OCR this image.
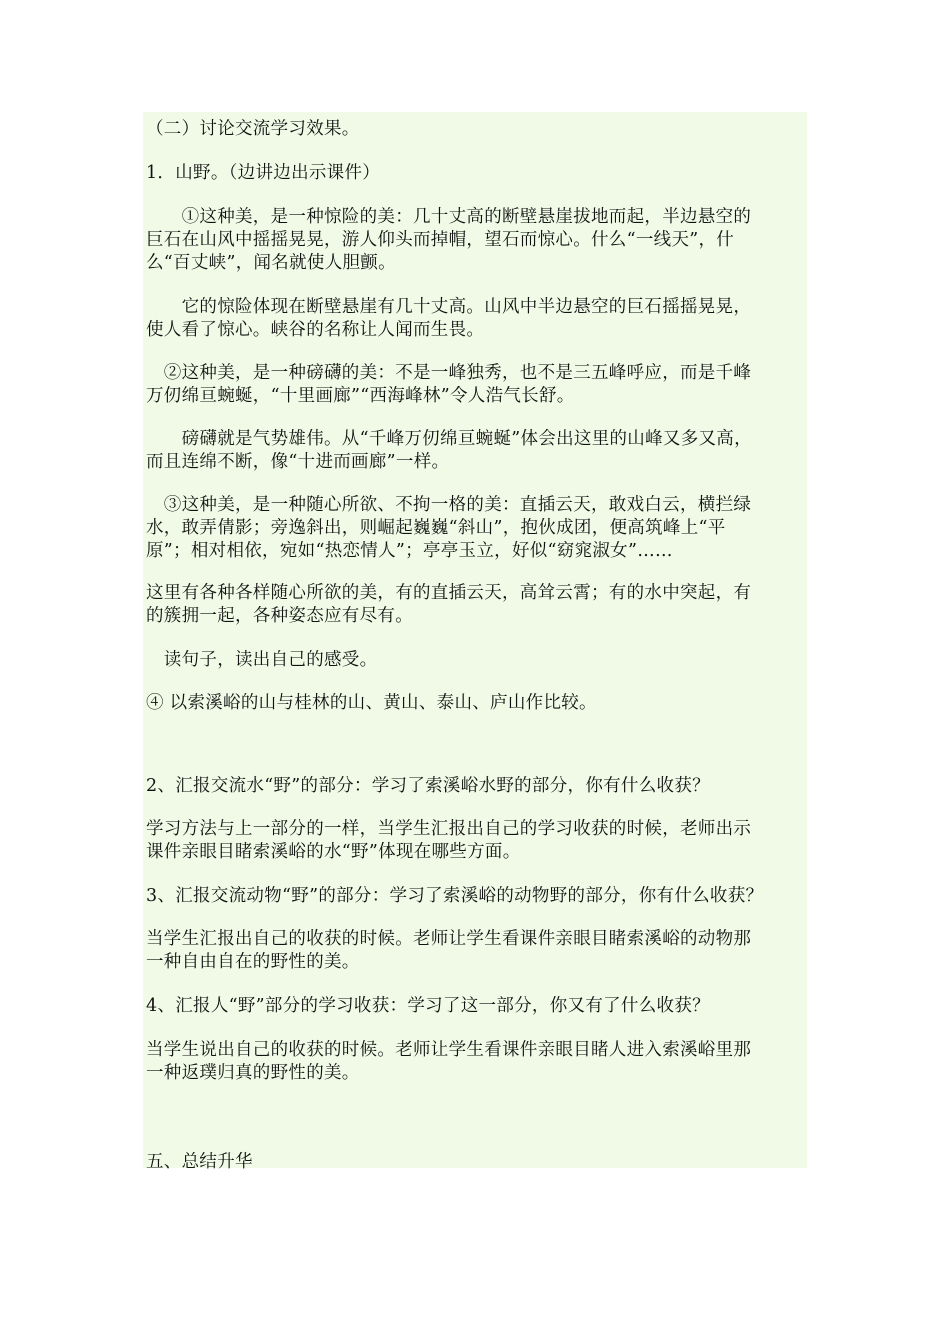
（二）讨论交流学习效果。
1．山野。（边讲边出示课件）
　　①这种美，是一种惊险的美：几十丈高的断壁悬崖拔地而起，半边悬空的
巨石在山风中摇摇晃晃，游人仰头而掉帽，望石而惊心。什么“一线天”，什
么“百丈峡”，闻名就使人胆颤。
　　它的惊险体现在断壁悬崖有几十丈高。山风中半边悬空的巨石摇摇晃晃，
使人看了惊心。峡谷的名称让人闻而生畏。
　②这种美，是一种磅礴的美：不是一峰独秀，也不是三五峰呼应，而是千峰
万仞绵亘蜿蜒，“十里画廊”“西海峰林”令人浩气长舒。
　　磅礴就是气势雄伟。从“千峰万仞绵亘蜿蜒”体会出这里的山峰又多又高，
而且连绵不断，像“十进而画廊”一样。
　③这种美，是一种随心所欲、不拘一格的美：直插云天，敢戏白云，横拦绿
水，敢弄倩影；旁逸斜出，则崛起巍巍“斜山”，抱伙成团，便高筑峰上“平
原”；相对相依，宛如“热恋情人”；亭亭玉立，好似“窈窕淑女”……
这里有各种各样随心所欲的美，有的直插云天，高耸云霄；有的水中突起，有
的簇拥一起，各种姿态应有尽有。
　读句子，读出自己的感受。
④ 以索溪峪的山与桂林的山、黄山、泰山、庐山作比较。
2、汇报交流水“野”的部分：学习了索溪峪水野的部分，你有什么收获？
学习方法与上一部分的一样，当学生汇报出自己的学习收获的时候，老师出示
课件亲眼目睹索溪峪的水“野”体现在哪些方面。
3、汇报交流动物“野”的部分：学习了索溪峪的动物野的部分，你有什么收获？
当学生汇报出自己的收获的时候。老师让学生看课件亲眼目睹索溪峪的动物那
一种自由自在的野性的美。
4、汇报人“野”部分的学习收获：学习了这一部分，你又有了什么收获？
当学生说出自己的收获的时候。老师让学生看课件亲眼目睹人进入索溪峪里那
一种返璞归真的野性的美。
五、总结升华
